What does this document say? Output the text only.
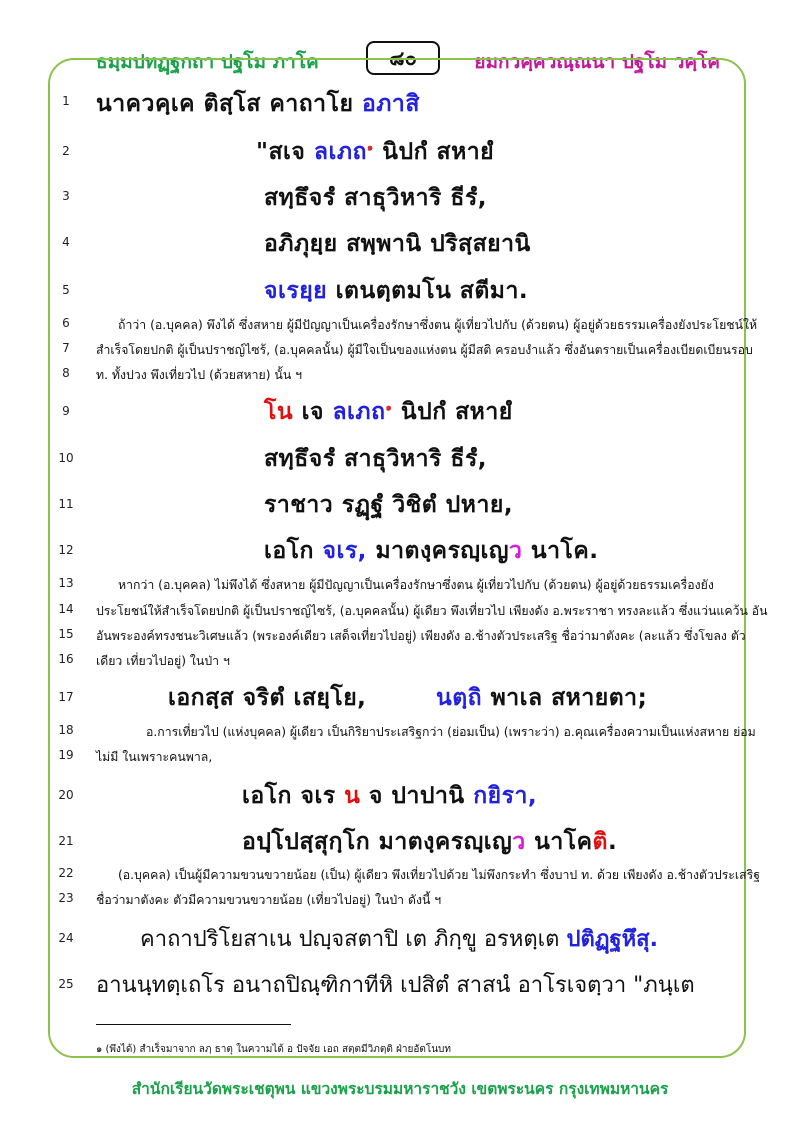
ธมฺมปทฏฺฐกถา ปฐโม ภาโค	๘๐	ยมกวคฺควณฺณนา ปฐโม วคฺโค
1
2
3
4
5
6
7
8
9
10
11
12
13
14
15
16
17
18
19
20
21
22
23
24
25
นาควคฺเค ติสฺโส คาถาโย อภาสิ
"สเจ ลเภถ$^๑$ นิปกํ สหายํ
สทฺธึจรํ สาธุวิหาริ ธีรํ,
อภิภุยฺย สพฺพานิ ปริสฺสยานิ
จเรยฺย เตนตฺตมโน สตีมา.
ถ้าว่า (อ.บุคคล) พึงได้ ซึ่งสหาย ผู้มีปัญญาเป็นเครื่องรักษาซึ่งตน ผู้เที่ยวไปกับ (ด้วยตน) ผู้อยู่ด้วยธรรมเครื่องยังประโยชน์ให้
สำเร็จโดยปกติ ผู้เป็นปราชญ์ไซร้, (อ.บุคคลนั้น) ผู้มีใจเป็นของแห่งตน ผู้มีสติ ครอบงำแล้ว ซึ่งอันตรายเป็นเครื่องเบียดเบียนรอบ
ท. ทั้งปวง พึงเที่ยวไป (ด้วยสหาย) นั้น ฯ
โน เจ ลเภถ$^๑$ นิปกํ สหายํ
สทฺธึจรํ สาธุวิหาริ ธีรํ,
ราชาว รฏฺฐํ วิชิตํ ปหาย,
เอโก จเร, มาตงฺครญฺเญว นาโค.
หากว่า (อ.บุคคล) ไม่พึงได้ ซึ่งสหาย ผู้มีปัญญาเป็นเครื่องรักษาซึ่งตน ผู้เที่ยวไปกับ (ด้วยตน) ผู้อยู่ด้วยธรรมเครื่องยัง
ประโยชน์ให้สำเร็จโดยปกติ ผู้เป็นปราชญ์ไซร้, (อ.บุคคลนั้น) ผู้เดียว พึงเที่ยวไป เพียงดัง อ.พระราชา ทรงละแล้ว ซึ่งแว่นแคว้น อัน
อันพระองค์ทรงชนะวิเศษแล้ว (พระองค์เดียว เสด็จเที่ยวไปอยู่) เพียงดัง อ.ช้างตัวประเสริฐ ชื่อว่ามาตังคะ (ละแล้ว ซึ่งโขลง ตัว
เดียว เที่ยวไปอยู่) ในป่า ฯ
เอกสฺส จริตํ เสยฺโย,	นตฺถิ พาเล สหายตา;
อ.การเที่ยวไป (แห่งบุคคล) ผู้เดียว เป็นกิริยาประเสริฐกว่า (ย่อมเป็น) (เพราะว่า) อ.คุณเครื่องความเป็นแห่งสหาย ย่อม
ไม่มี ในเพราะคนพาล,
เอโก จเร น จ ปาปานิ กยิรา,
อปฺโปสฺสุกฺโก มาตงฺครญฺเญว นาโคติ.
(อ.บุคคล) เป็นผู้มีความขวนขวายน้อย (เป็น) ผู้เดียว พึงเที่ยวไปด้วย ไม่พึงกระทำ ซึ่งบาป ท. ด้วย เพียงดัง อ.ช้างตัวประเสริฐ
ชื่อว่ามาตังคะ ตัวมีความขวนขวายน้อย (เที่ยวไปอยู่) ในป่า ดังนี้ ฯ
คาถาปริโยสาเน ปญฺจสตาปิ เต ภิกฺขู อรหตฺเต ปติฏฺฐหึสุ.
อานนฺทตฺเถโร อนาถปิณฺฑิกาทีหิ เปสิตํ สาสนํ อาโรเจตฺวา "ภนฺเต
๑ (พึงได้) สำเร็จมาจาก ลภฺ ธาตุ ในความได้ อ ปัจจัย เอถ สตฺตมีวิภตฺติ ฝ่ายอัตโนบท
สำนักเรียนวัดพระเชตุพน แขวงพระบรมมหาราชวัง เขตพระนคร กรุงเทพมหานคร
